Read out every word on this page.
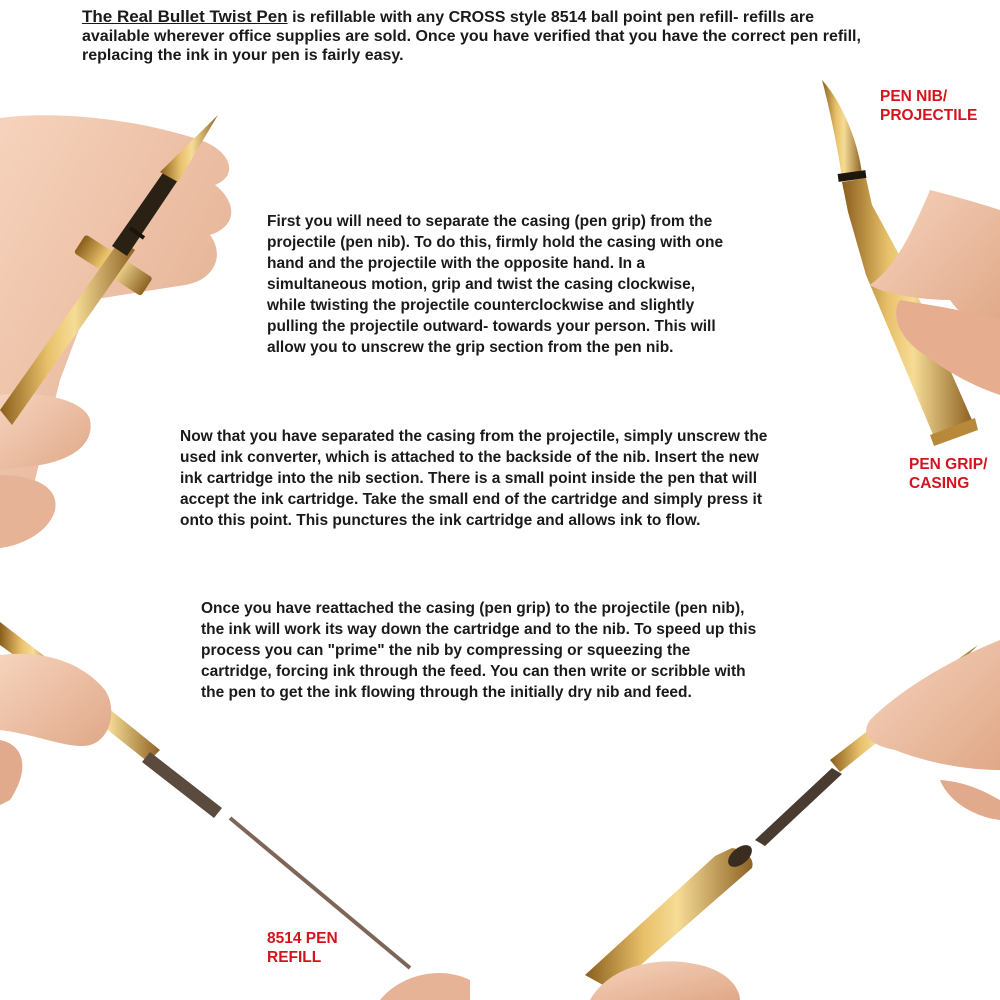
The Real Bullet Twist Pen is refillable with any CROSS style 8514 ball point pen refill- refills are
available wherever office supplies are sold. Once you have verified that you have the correct pen refill,
replacing the ink in your pen is fairly easy.
First you will need to separate the casing (pen grip) from the
projectile (pen nib). To do this, firmly hold the casing with one
hand and the projectile with the opposite hand. In a
simultaneous motion, grip and twist the casing clockwise,
while twisting the projectile counterclockwise and slightly
pulling the projectile outward- towards your person. This will
allow you to unscrew the grip section from the pen nib.
Now that you have separated the casing from the projectile, simply unscrew the
used ink converter, which is attached to the backside of the nib. Insert the new
ink cartridge into the nib section. There is a small point inside the pen that will
accept the ink cartridge. Take the small end of the cartridge and simply press it
onto this point. This punctures the ink cartridge and allows ink to flow.
Once you have reattached the casing (pen grip) to the projectile (pen nib),
the ink will work its way down the cartridge and to the nib. To speed up this
process you can "prime" the nib by compressing or squeezing the
cartridge, forcing ink through the feed. You can then write or scribble with
the pen to get the ink flowing through the initially dry nib and feed.
PEN NIB/
PROJECTILE
PEN GRIP/
CASING
8514 PEN
REFILL
